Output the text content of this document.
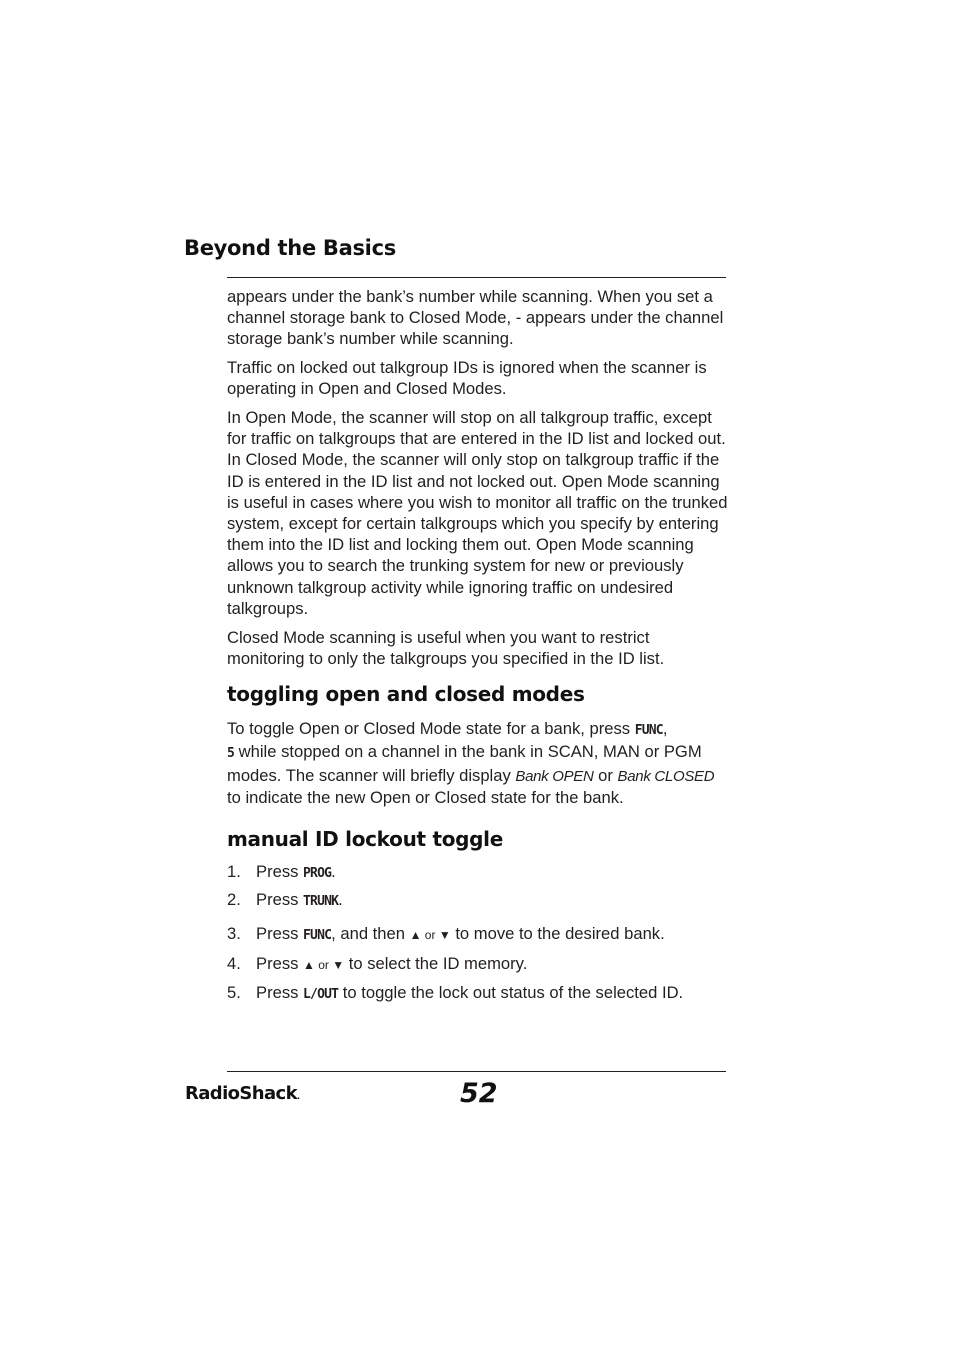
Beyond the Basics

appears under the bank’s number while scanning. When you set a channel storage bank to Closed Mode, - appears under the channel storage bank’s number while scanning.

Traffic on locked out talkgroup IDs is ignored when the scanner is operating in Open and Closed Modes.

In Open Mode, the scanner will stop on all talkgroup traffic, except for traffic on talkgroups that are entered in the ID list and locked out. In Closed Mode, the scanner will only stop on talkgroup traffic if the ID is entered in the ID list and not locked out. Open Mode scanning is useful in cases where you wish to monitor all traffic on the trunked system, except for certain talkgroups which you specify by entering them into the ID list and locking them out. Open Mode scanning allows you to search the trunking system for new or previously unknown talkgroup activity while ignoring traffic on undesired talkgroups.

Closed Mode scanning is useful when you want to restrict monitoring to only the talkgroups you specified in the ID list.

toggling open and closed modes

To toggle Open or Closed Mode state for a bank, press FUNC,
5 while stopped on a channel in the bank in SCAN, MAN or PGM modes. The scanner will briefly display Bank OPEN or Bank CLOSED to indicate the new Open or Closed state for the bank.

manual ID lockout toggle
1. Press PROG.
2. Press TRUNK.
3. Press FUNC, and then ▲ or ▼ to move to the desired bank.
4. Press ▲ or ▼ to select the ID memory.
5. Press L/OUT to toggle the lock out status of the selected ID.
RadioShack.	52
